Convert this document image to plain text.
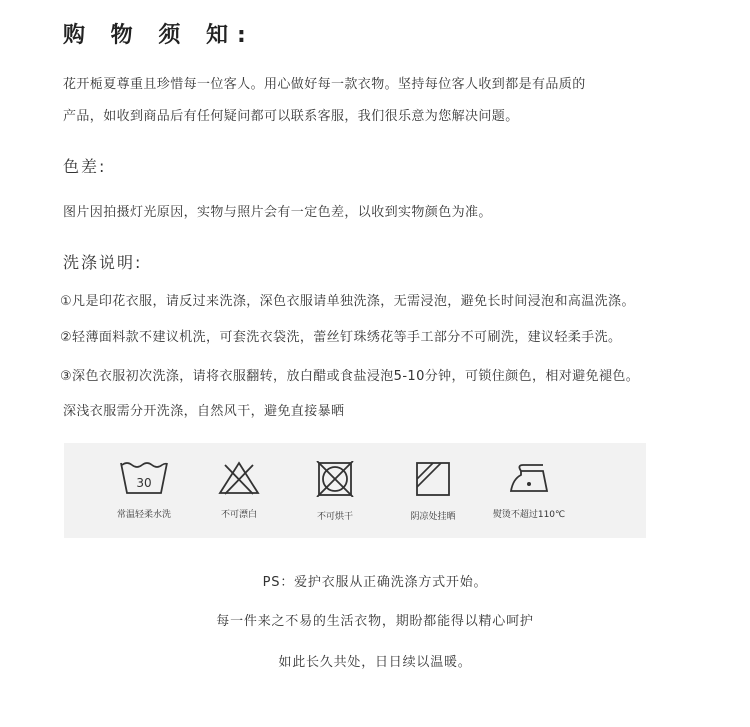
购 物 须 知:
花开栀夏尊重且珍惜每一位客人。用心做好每一款衣物。坚持每位客人收到都是有品质的
产品，如收到商品后有任何疑问都可以联系客服，我们很乐意为您解决问题。
色差:
图片因拍摄灯光原因，实物与照片会有一定色差，以收到实物颜色为准。
洗涤说明:
①凡是印花衣服，请反过来洗涤，深色衣服请单独洗涤，无需浸泡，避免长时间浸泡和高温洗涤。
②轻薄面料款不建议机洗，可套洗衣袋洗，蕾丝钉珠绣花等手工部分不可刷洗，建议轻柔手洗。
③深色衣服初次洗涤，请将衣服翻转，放白醋或食盐浸泡5-10分钟，可锁住颜色，相对避免褪色。
深浅衣服需分开洗涤，自然风干，避免直接暴晒
30
常温轻柔水洗	不可漂白	不可烘干	阴凉处挂晒	熨烫不超过110℃
PS：爱护衣服从正确洗涤方式开始。
每一件来之不易的生活衣物，期盼都能得以精心呵护
如此长久共处，日日续以温暖。
